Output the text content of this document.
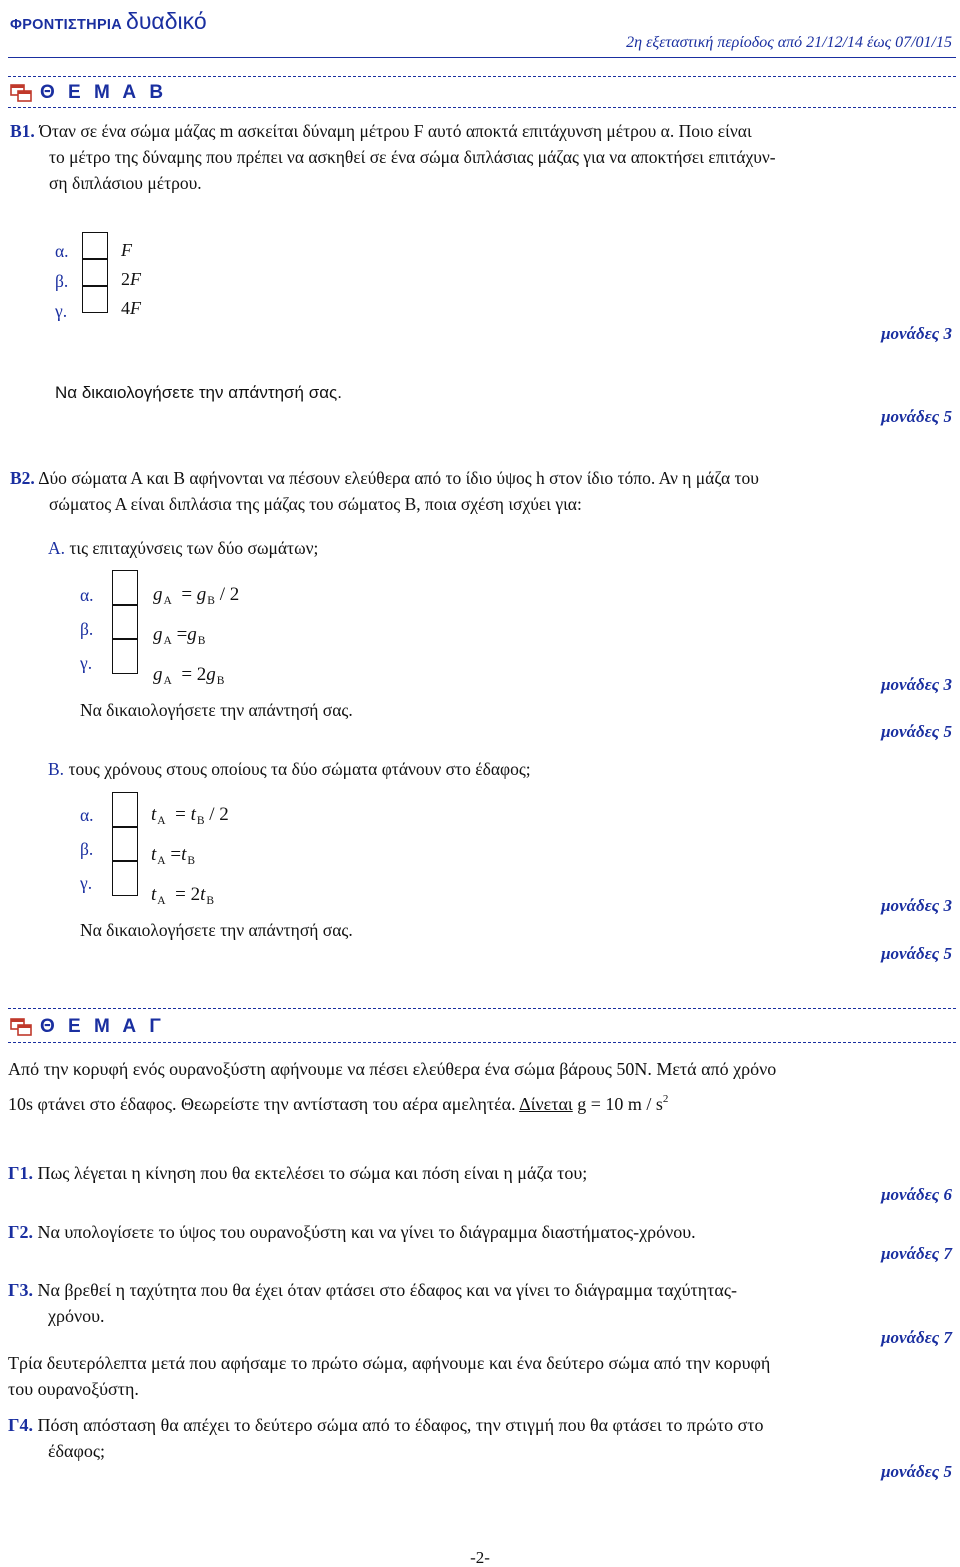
ΦΡΟΝΤΙΣΤΗΡΙΑ δυαδικό
2η εξεταστική περίοδος από 21/12/14 έως 07/01/15
Θ Ε Μ Α Β
Β1. Όταν σε ένα σώμα μάζας m ασκείται δύναμη μέτρου F αυτό αποκτά επιτάχυνση μέτρου α. Ποιο είναι
το μέτρο της δύναμης που πρέπει να ασκηθεί σε ένα σώμα διπλάσιας μάζας για να αποκτήσει επιτάχυν-
ση διπλάσιου μέτρου.
α.
β.
γ.
F
2F
4F
μονάδες 3
Να δικαιολογήσετε την απάντησή σας.
μονάδες 5
Β2. Δύο σώματα Α και Β αφήνονται να πέσουν ελεύθερα από το ίδιο ύψος h στον ίδιο τόπο. Αν η μάζα του
σώματος Α είναι διπλάσια της μάζας του σώματος Β, ποια σχέση ισχύει για:
Α. τις επιταχύνσεις των δύο σωμάτων;
α.
β.
γ.
$g_A = g_B / 2$
$g_A =g_B$
$g_A = 2g_B$	μονάδες 3
Να δικαιολογήσετε την απάντησή σας.
μονάδες 5
Β. τους χρόνους στους οποίους τα δύο σώματα φτάνουν στο έδαφος;
α.
β.
γ.
$t_A = t_B / 2$
$t_A =t_B$
$t_A = 2t_B$	μονάδες 3
Να δικαιολογήσετε την απάντησή σας.
μονάδες 5
Θ Ε Μ Α Γ
Από την κορυφή ενός ουρανοξύστη αφήνουμε να πέσει ελεύθερα ένα σώμα βάρους 50Ν. Μετά από χρόνο
10s φτάνει στο έδαφος. Θεωρείστε την αντίσταση του αέρα αμελητέα. Δίνεται g = 10 m / $s^2$
Γ1. Πως λέγεται η κίνηση που θα εκτελέσει το σώμα και πόση είναι η μάζα του;
μονάδες 6
Γ2. Να υπολογίσετε το ύψος του ουρανοξύστη και να γίνει το διάγραμμα διαστήματος-χρόνου.
μονάδες 7
Γ3. Να βρεθεί η ταχύτητα που θα έχει όταν φτάσει στο έδαφος και να γίνει το διάγραμμα ταχύτητας-
χρόνου.
μονάδες 7
Τρία δευτερόλεπτα μετά που αφήσαμε το πρώτο σώμα, αφήνουμε και ένα δεύτερο σώμα από την κορυφή
του ουρανοξύστη.
Γ4. Πόση απόσταση θα απέχει το δεύτερο σώμα από το έδαφος, την στιγμή που θα φτάσει το πρώτο στο
έδαφος;
μονάδες 5
-2-
